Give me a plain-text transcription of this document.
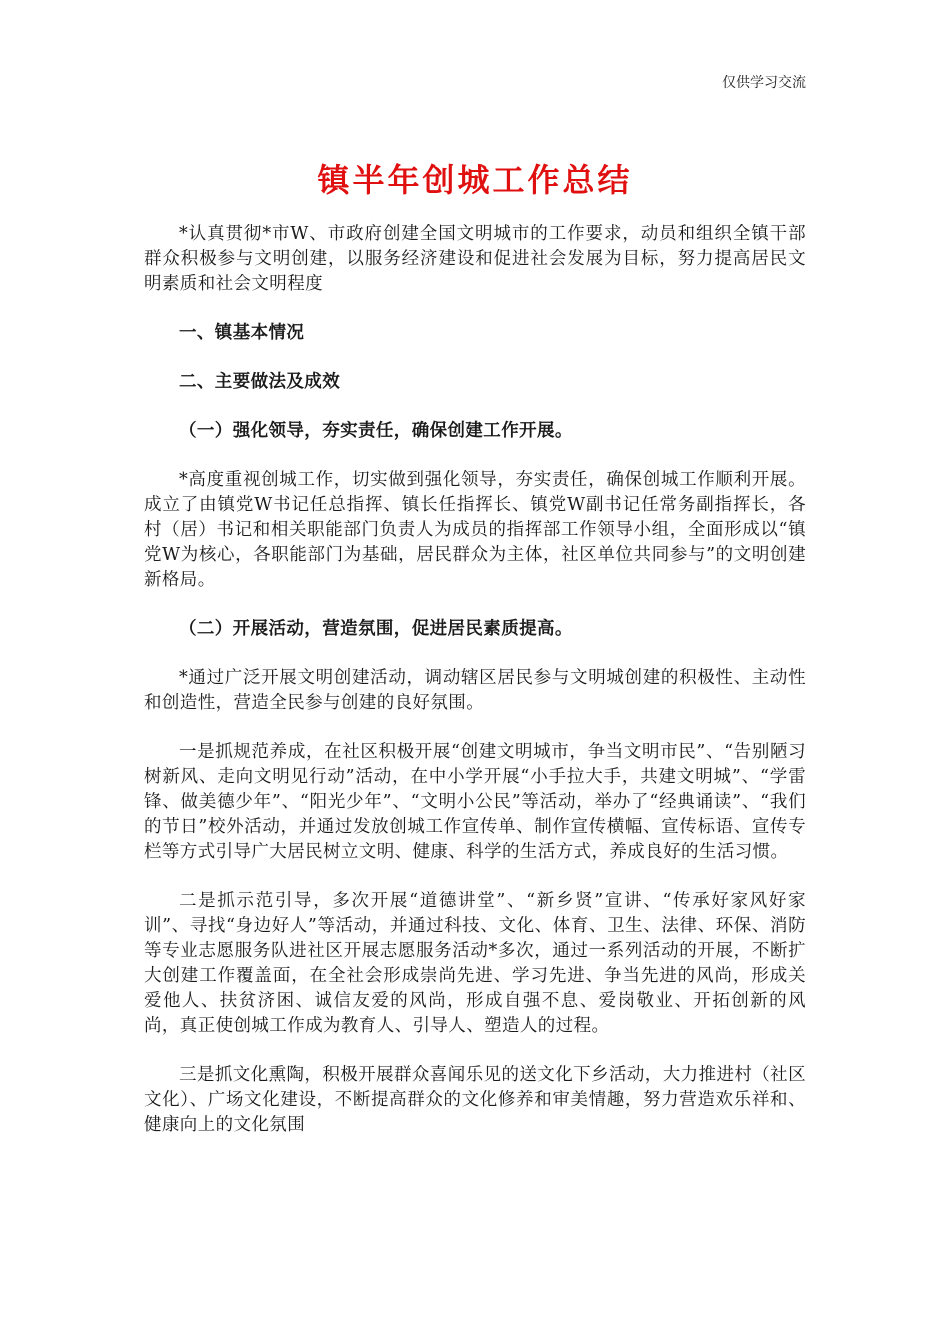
仅供学习交流
镇半年创城工作总结

*认真贯彻*市W、市政府创建全国文明城市的工作要求，动员和组织全镇干部群众积极参与文明创建，以服务经济建设和促进社会发展为目标，努力提高居民文明素质和社会文明程度

一、镇基本情况

二、主要做法及成效

（一）强化领导，夯实责任，确保创建工作开展。

*高度重视创城工作，切实做到强化领导，夯实责任，确保创城工作顺利开展。成立了由镇党W书记任总指挥、镇长任指挥长、镇党W副书记任常务副指挥长，各村（居）书记和相关职能部门负责人为成员的指挥部工作领导小组，全面形成以“镇党W为核心，各职能部门为基础，居民群众为主体，社区单位共同参与”的文明创建新格局。

（二）开展活动，营造氛围，促进居民素质提高。

*通过广泛开展文明创建活动，调动辖区居民参与文明城创建的积极性、主动性和创造性，营造全民参与创建的良好氛围。

一是抓规范养成，在社区积极开展“创建文明城市，争当文明市民”、“告别陋习树新风、走向文明见行动”活动，在中小学开展“小手拉大手，共建文明城”、“学雷锋、做美德少年”、“阳光少年”、“文明小公民”等活动，举办了“经典诵读”、“我们的节日”校外活动，并通过发放创城工作宣传单、制作宣传横幅、宣传标语、宣传专栏等方式引导广大居民树立文明、健康、科学的生活方式，养成良好的生活习惯。

二是抓示范引导，多次开展“道德讲堂”、“新乡贤”宣讲、“传承好家风好家训”、寻找“身边好人”等活动，并通过科技、文化、体育、卫生、法律、环保、消防等专业志愿服务队进社区开展志愿服务活动*多次，通过一系列活动的开展，不断扩大创建工作覆盖面，在全社会形成崇尚先进、学习先进、争当先进的风尚，形成关爱他人、扶贫济困、诚信友爱的风尚，形成自强不息、爱岗敬业、开拓创新的风尚，真正使创城工作成为教育人、引导人、塑造人的过程。

三是抓文化熏陶，积极开展群众喜闻乐见的送文化下乡活动，大力推进村（社区文化）、广场文化建设，不断提高群众的文化修养和审美情趣，努力营造欢乐祥和、健康向上的文化氛围
